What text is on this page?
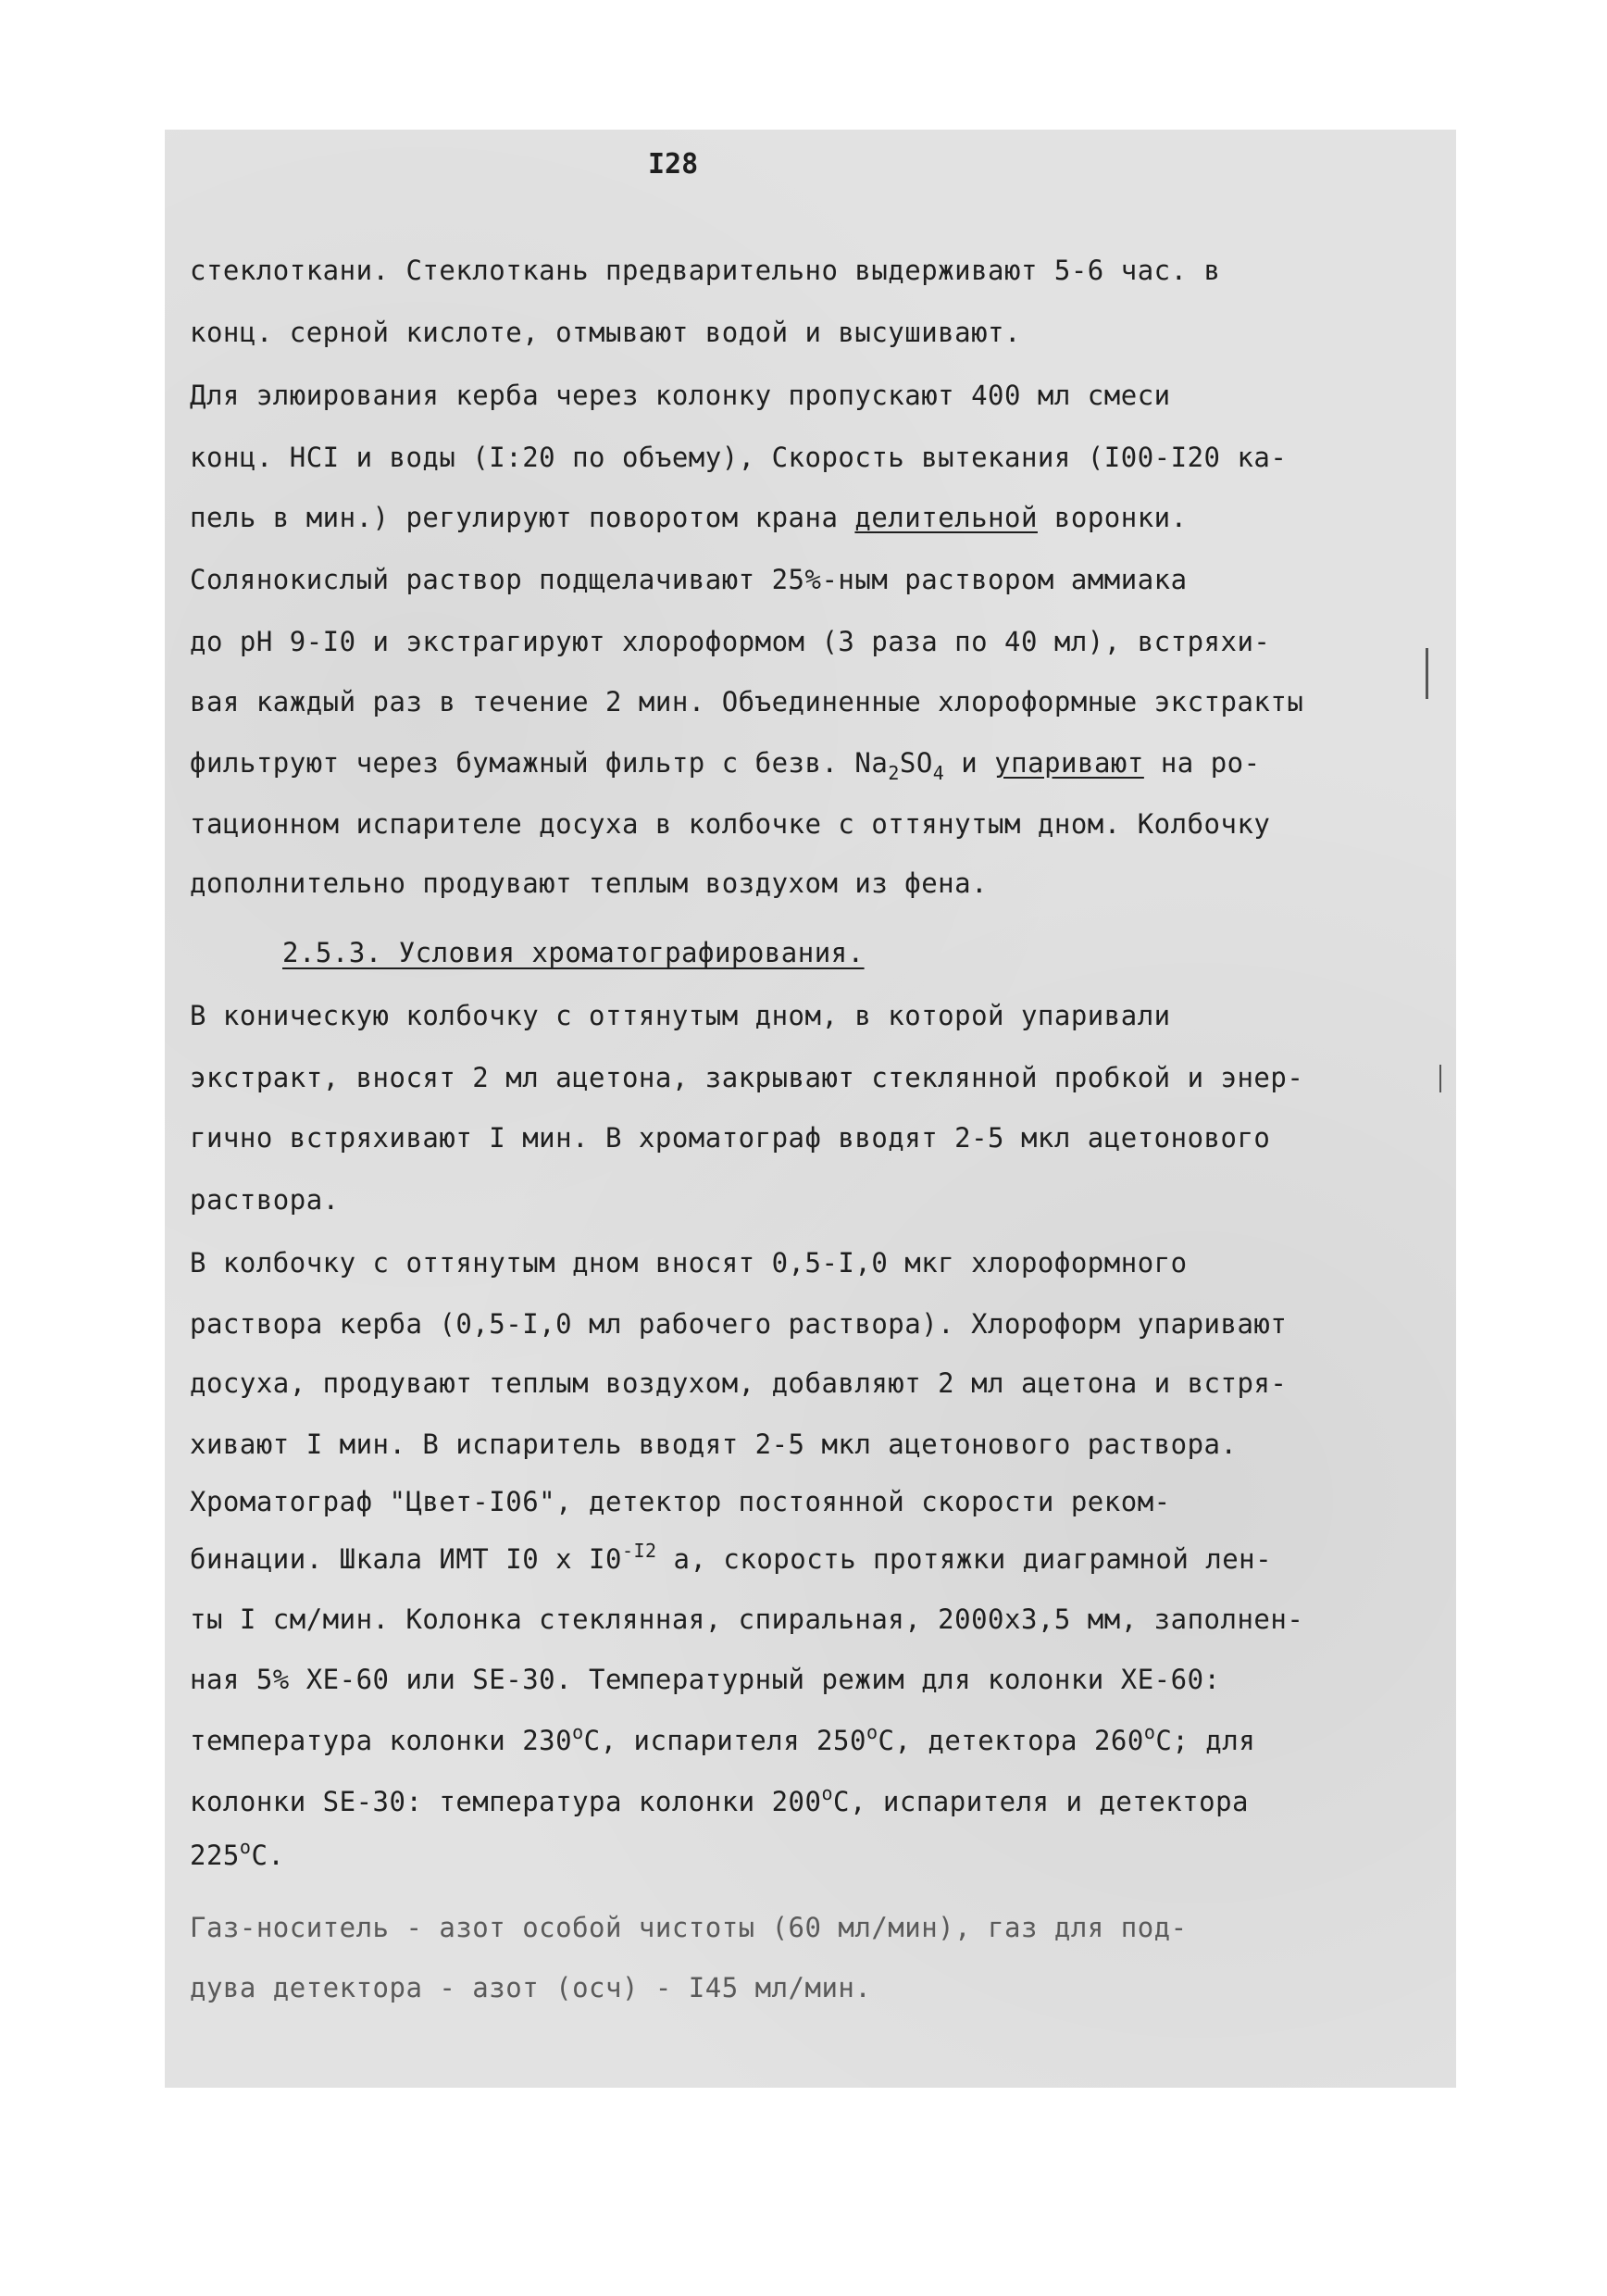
I28
стеклоткани. Стеклоткань предварительно выдерживают 5-6 час. в
конц. серной кислоте, отмывают водой и высушивают.
Для элюирования керба через колонку пропускают 400 мл смеси
конц. HCI и воды (I:20 по объему), Скорость вытекания (I00-I20 ка-
пель в мин.) регулируют поворотом крана делительной воронки.
Солянокислый раствор подщелачивают 25%-ным раствором аммиака
до pH 9-I0 и экстрагируют хлороформом (3 раза по 40 мл), встряхи-
вая каждый раз в течение 2 мин. Объединенные хлороформные экстракты
фильтруют через бумажный фильтр с безв. $Na_2SO_4$ и упаривают на ро-
тационном испарителе досуха в колбочке с оттянутым дном. Колбочку
дополнительно продувают теплым воздухом из фена.
2.5.3. Условия хроматографирования.
В коническую колбочку с оттянутым дном, в которой упаривали
экстракт, вносят 2 мл ацетона, закрывают стеклянной пробкой и энер-
гично встряхивают I мин. В хроматограф вводят 2-5 мкл ацетонового
раствора.
В колбочку с оттянутым дном вносят 0,5-I,0 мкг хлороформного
раствора керба (0,5-I,0 мл рабочего раствора). Хлороформ упаривают
досуха, продувают теплым воздухом, добавляют 2 мл ацетона и встря-
хивают I мин. В испаритель вводят 2-5 мкл ацетонового раствора.
Хроматограф "Цвет-I06", детектор постоянной скорости реком-
бинации. Шкала ИМТ I0 х $I0^{-I2}$ а, скорость протяжки диаграмной лен-
ты I см/мин. Колонка стеклянная, спиральная, 2000х3,5 мм, заполнен-
ная 5% ХЕ-60 или SE-30. Температурный режим для колонки ХЕ-60:
температура колонки 230$^o$С, испарителя 250$^o$С, детектора 260$^o$С; для
колонки SE-30: температура колонки 200$^o$С, испарителя и детектора
225$^o$С.
Газ-носитель - азот особой чистоты (60 мл/мин), газ для под-
дува детектора - азот (осч) - I45 мл/мин.
